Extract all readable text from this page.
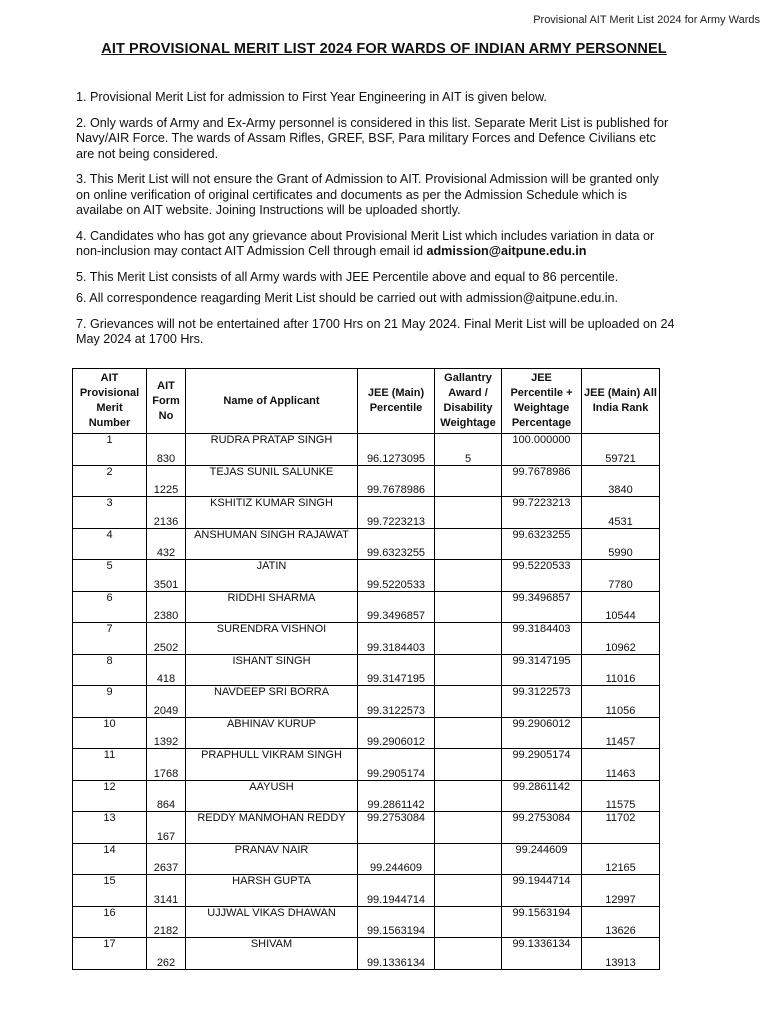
Provisional AIT Merit List 2024 for Army Wards
AIT PROVISIONAL MERIT LIST 2024 FOR WARDS OF INDIAN ARMY PERSONNEL

1. Provisional Merit List for admission to First Year Engineering in AIT is given below.

2. Only wards of Army and Ex-Army personnel is considered in this list. Separate Merit List is published for Navy/AIR Force. The wards of Assam Rifles, GREF, BSF, Para military Forces and Defence Civilians etc are not being considered.

3. This Merit List will not ensure the Grant of Admission to AIT. Provisional Admission will be granted only on online verification of original certificates and documents as per the Admission Schedule which is availabe on AIT website. Joining Instructions will be uploaded shortly.

4. Candidates who has got any grievance about Provisional Merit List which includes variation in data or non-inclusion may contact AIT Admission Cell through email id admission@aitpune.edu.in

5. This Merit List consists of all Army wards with JEE Percentile above and equal to 86 percentile.

6. All correspondence reagarding Merit List should be carried out with admission@aitpune.edu.in.

7. Grievances will not be entertained after 1700 Hrs on 21 May 2024. Final Merit List will be uploaded on 24 May 2024 at 1700 Hrs.

AIT Provisional Merit Number	AIT Form No	Name of Applicant	JEE (Main) Percentile	Gallantry Award / Disability Weightage	JEE Percentile + Weightage Percentage	JEE (Main) All India Rank
1	830	RUDRA PRATAP SINGH	96.1273095	5	100.000000	59721
2	1225	TEJAS SUNIL SALUNKE	99.7678986		99.7678986	3840
3	2136	KSHITIZ KUMAR SINGH	99.7223213		99.7223213	4531
4	432	ANSHUMAN SINGH RAJAWAT	99.6323255		99.6323255	5990
5	3501	JATIN	99.5220533		99.5220533	7780
6	2380	RIDDHI SHARMA	99.3496857		99.3496857	10544
7	2502	SURENDRA VISHNOI	99.3184403		99.3184403	10962
8	418	ISHANT SINGH	99.3147195		99.3147195	11016
9	2049	NAVDEEP SRI BORRA	99.3122573		99.3122573	11056
10	1392	ABHINAV KURUP	99.2906012		99.2906012	11457
11	1768	PRAPHULL VIKRAM SINGH	99.2905174		99.2905174	11463
12	864	AAYUSH	99.2861142		99.2861142	11575
13	167	REDDY MANMOHAN REDDY	99.2753084		99.2753084	11702
14	2637	PRANAV NAIR	99.244609		99.244609	12165
15	3141	HARSH GUPTA	99.1944714		99.1944714	12997
16	2182	UJJWAL VIKAS DHAWAN	99.1563194		99.1563194	13626
17	262	SHIVAM	99.1336134		99.1336134	13913
